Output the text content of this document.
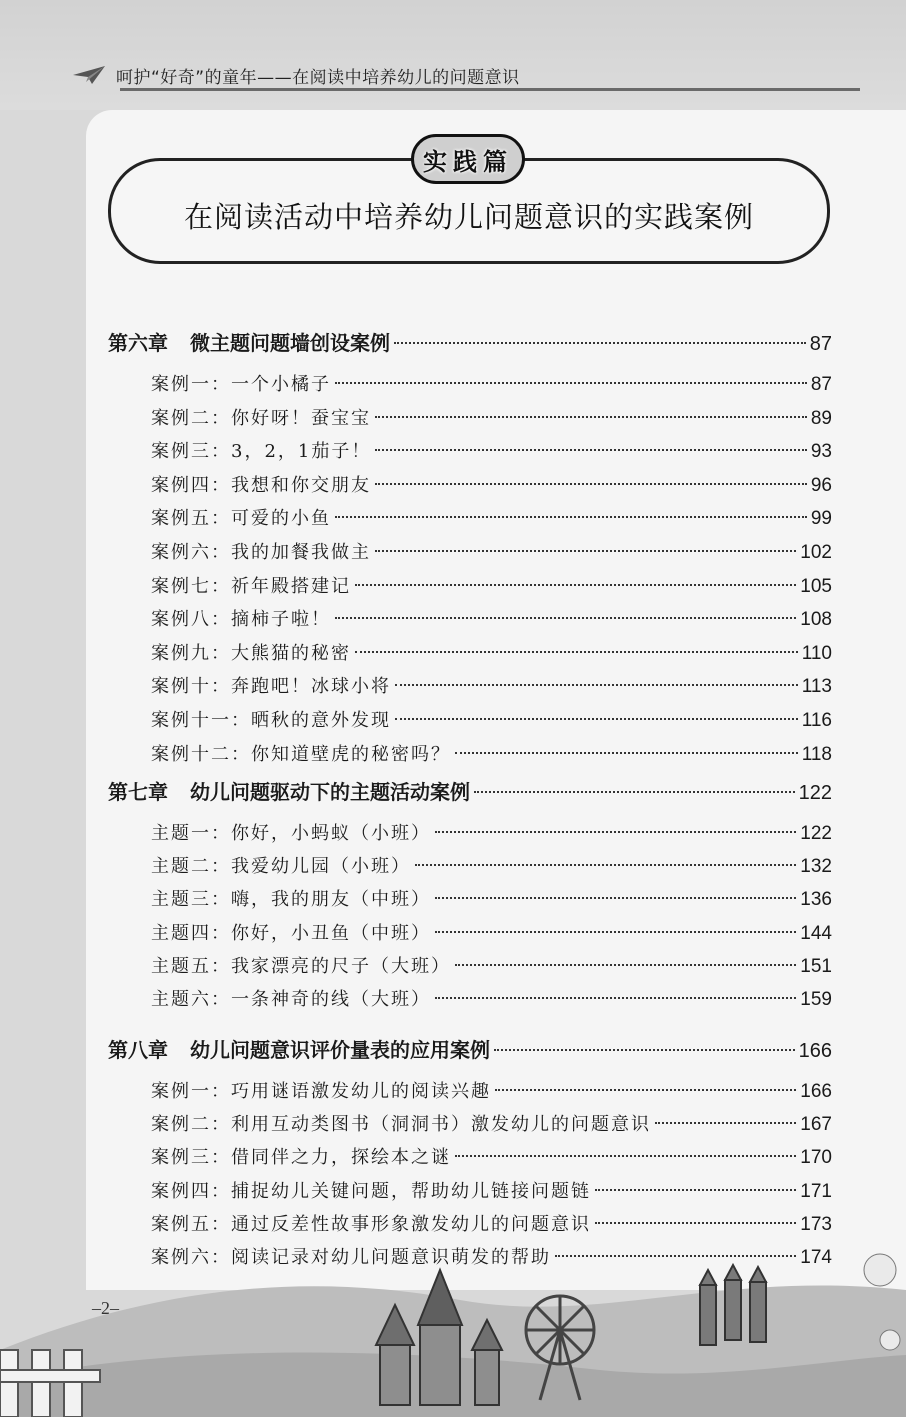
呵护“好奇”的童年——在阅读中培养幼儿的问题意识
在阅读活动中培养幼儿问题意识的实践案例
实践篇
第六章 微主题问题墙创设案例	87
案例一：一个小橘子	87
案例二：你好呀！蚕宝宝	89
案例三：3，2，1茄子！	93
案例四：我想和你交朋友	96
案例五：可爱的小鱼	99
案例六：我的加餐我做主	102
案例七：祈年殿搭建记	105
案例八：摘柿子啦！	108
案例九：大熊猫的秘密	110
案例十：奔跑吧！冰球小将	113
案例十一：晒秋的意外发现	116
案例十二：你知道壁虎的秘密吗？	118
第七章 幼儿问题驱动下的主题活动案例	122
主题一：你好，小蚂蚁（小班）	122
主题二：我爱幼儿园（小班）	132
主题三：嗨，我的朋友（中班）	136
主题四：你好，小丑鱼（中班）	144
主题五：我家漂亮的尺子（大班）	151
主题六：一条神奇的线（大班）	159
第八章 幼儿问题意识评价量表的应用案例	166
案例一：巧用谜语激发幼儿的阅读兴趣	166
案例二：利用互动类图书（洞洞书）激发幼儿的问题意识	167
案例三：借同伴之力，探绘本之谜	170
案例四：捕捉幼儿关键问题，帮助幼儿链接问题链	171
案例五：通过反差性故事形象激发幼儿的问题意识	173
案例六：阅读记录对幼儿问题意识萌发的帮助	174
–2–
